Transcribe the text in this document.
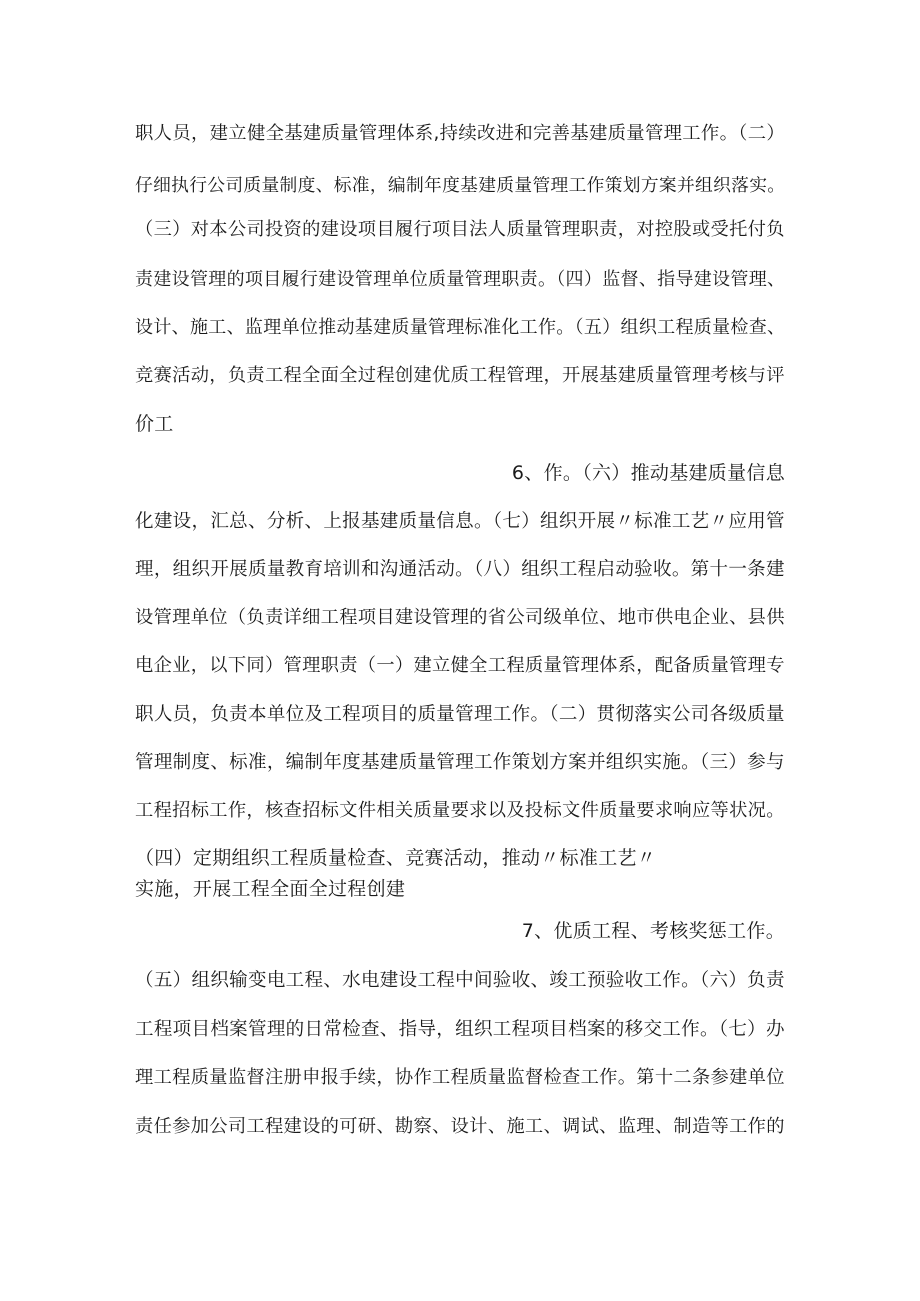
职人员，建立健全基建质量管理体系,持续改进和完善基建质量管理工作。（二）
仔细执行公司质量制度、标准，编制年度基建质量管理工作策划方案并组织落实。
（三）对本公司投资的建设项目履行项目法人质量管理职责，对控股或受托付负
责建设管理的项目履行建设管理单位质量管理职责。（四）监督、指导建设管理、
设计、施工、监理单位推动基建质量管理标准化工作。（五）组织工程质量检查、
竞赛活动，负责工程全面全过程创建优质工程管理，开展基建质量管理考核与评
价工
6、作。（六）推动基建质量信息
化建设，汇总、分析、上报基建质量信息。（七）组织开展〃标准工艺〃应用管
理，组织开展质量教育培训和沟通活动。（八）组织工程启动验收。第十一条建
设管理单位（负责详细工程项目建设管理的省公司级单位、地市供电企业、县供
电企业，以下同）管理职责（一）建立健全工程质量管理体系，配备质量管理专
职人员，负责本单位及工程项目的质量管理工作。（二）贯彻落实公司各级质量
管理制度、标准，编制年度基建质量管理工作策划方案并组织实施。（三）参与
工程招标工作，核查招标文件相关质量要求以及投标文件质量要求响应等状况。
（四）定期组织工程质量检查、竞赛活动，推动〃标准工艺〃
实施，开展工程全面全过程创建
7、优质工程、考核奖惩工作。
（五）组织输变电工程、水电建设工程中间验收、竣工预验收工作。（六）负责
工程项目档案管理的日常检查、指导，组织工程项目档案的移交工作。（七）办
理工程质量监督注册申报手续，协作工程质量监督检查工作。第十二条参建单位
责任参加公司工程建设的可研、勘察、设计、施工、调试、监理、制造等工作的
